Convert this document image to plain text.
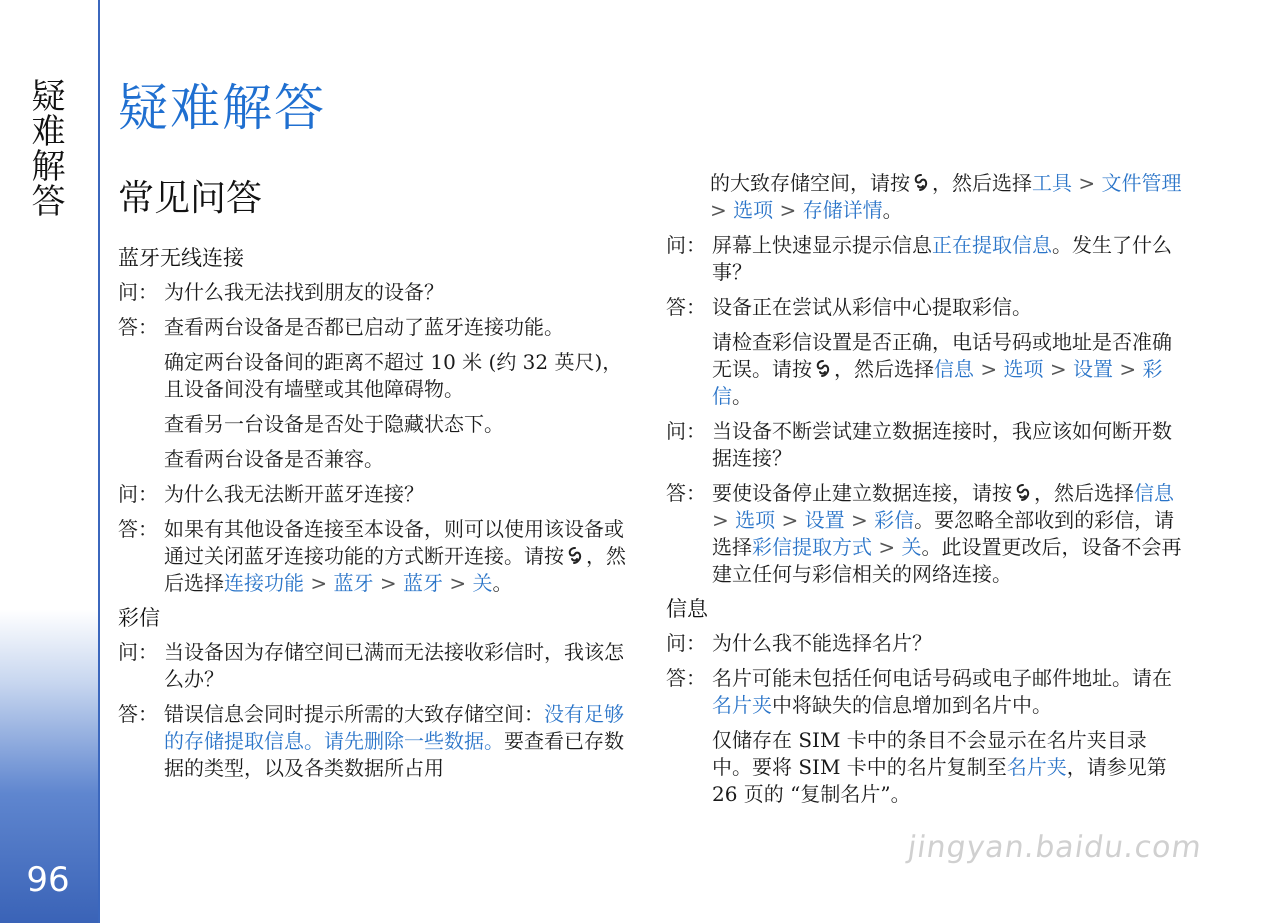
疑难解答
96
疑难解答
常见问答
蓝牙无线连接
问： 为什么我无法找到朋友的设备？
答： 查看两台设备是否都已启动了蓝牙连接功能。
确定两台设备间的距离不超过 10 米 (约 32 英尺)，且设备间没有墙壁或其他障碍物。
查看另一台设备是否处于隐藏状态下。
查看两台设备是否兼容。
问： 为什么我无法断开蓝牙连接？
答： 如果有其他设备连接至本设备，则可以使用该设备或通过关闭蓝牙连接功能的方式断开连接。请按 ，然后选择连接功能 > 蓝牙 > 蓝牙 > 关。
彩信
问： 当设备因为存储空间已满而无法接收彩信时，我该怎么办？
答： 错误信息会同时提示所需的大致存储空间：没有足够的存储提取信息。请先删除一些数据。要查看已存数据的类型，以及各类数据所占用
的大致存储空间，请按 ，然后选择工具 > 文件管理 > 选项 > 存储详情。
问： 屏幕上快速显示提示信息正在提取信息。发生了什么事？
答： 设备正在尝试从彩信中心提取彩信。
请检查彩信设置是否正确，电话号码或地址是否准确无误。请按 ，然后选择信息 > 选项 > 设置 > 彩信。
问： 当设备不断尝试建立数据连接时，我应该如何断开数据连接？
答： 要使设备停止建立数据连接，请按 ，然后选择信息 > 选项 > 设置 > 彩信。要忽略全部收到的彩信，请选择彩信提取方式 > 关。此设置更改后，设备不会再建立任何与彩信相关的网络连接。
信息
问： 为什么我不能选择名片？
答： 名片可能未包括任何电话号码或电子邮件地址。请在名片夹中将缺失的信息增加到名片中。
仅储存在 SIM 卡中的条目不会显示在名片夹目录中。要将 SIM 卡中的名片复制至名片夹，请参见第 26 页的 “复制名片”。
jingyan.baidu.com
